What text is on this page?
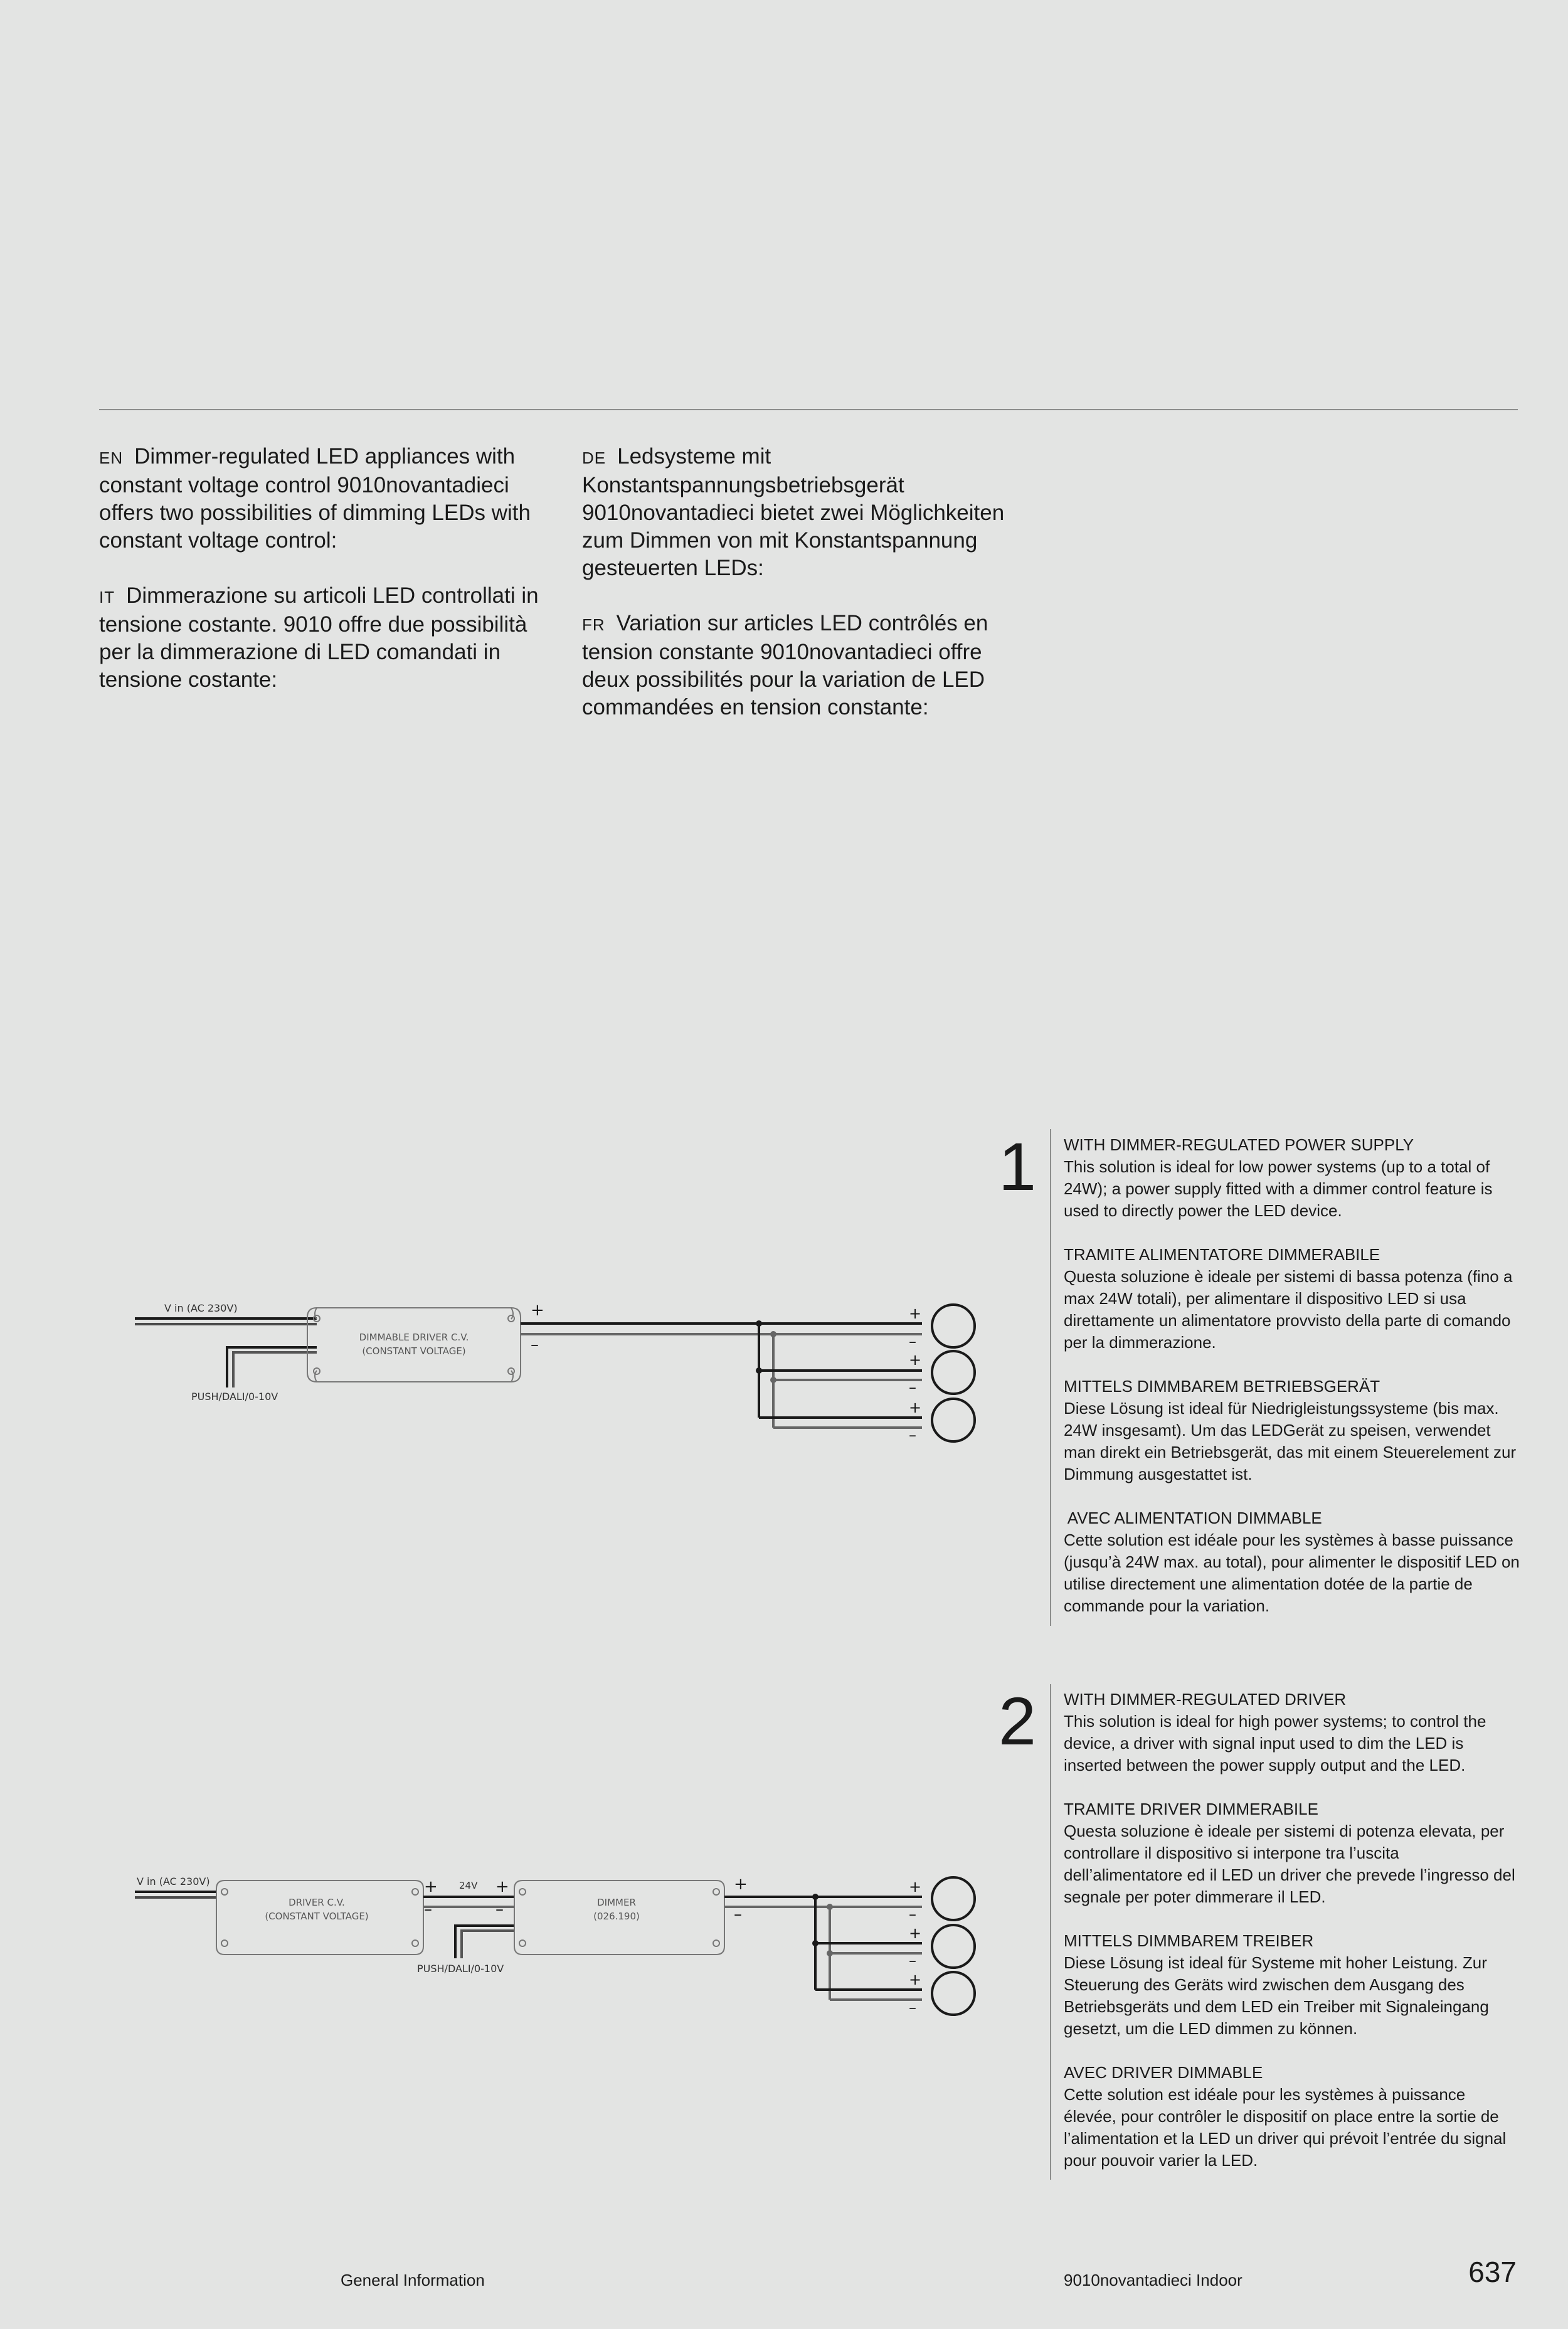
EN Dimmer-regulated LED appliances with constant voltage control 9010novantadieci offers two possibilities of dimming LEDs with constant voltage control:

IT Dimmerazione su articoli LED controllati in tensione costante. 9010 offre due possibilità per la dimmerazione di LED comandati in tensione costante:

DE Ledsysteme mit Konstantspannungsbetriebsgerät 9010novantadieci bietet zwei Möglichkeiten zum Dimmen von mit Konstantspannung gesteuerten LEDs:

FR Variation sur articles LED contrôlés en tension constante 9010novantadieci offre deux possibilités pour la variation de LED commandées en tension constante:

1 WITH DIMMER-REGULATED POWER SUPPLY
This solution is ideal for low power systems (up to a total of 24W); a power supply fitted with a dimmer control feature is used to directly power the LED device.
TRAMITE ALIMENTATORE DIMMERABILE
Questa soluzione è ideale per sistemi di bassa potenza (fino a max 24W totali), per alimentare il dispositivo LED si usa direttamente un alimentatore provvisto della parte di comando per la dimmerazione.
MITTELS DIMMBAREM BETRIEBSGERÄT
Diese Lösung ist ideal für Niedrigleistungssysteme (bis max. 24W insgesamt). Um das LEDGerät zu speisen, verwendet man direkt ein Betriebsgerät, das mit einem Steuerelement zur Dimmung ausgestattet ist.
AVEC ALIMENTATION DIMMABLE
Cette solution est idéale pour les systèmes à basse puissance (jusqu’à 24W max. au total), pour alimenter le dispositif LED on utilise directement une alimentation dotée de la partie de commande pour la variation.
V in (AC 230V)
PUSH/DALI/0-10V
DIMMABLE DRIVER C.V.
(CONSTANT VOLTAGE)
+
–
+
–
+
–
+
–
2 WITH DIMMER-REGULATED DRIVER
This solution is ideal for high power systems; to control the device, a driver with signal input used to dim the LED is inserted between the power supply output and the LED.
TRAMITE DRIVER DIMMERABILE
Questa soluzione è ideale per sistemi di potenza elevata, per controllare il dispositivo si interpone tra l’uscita dell’alimentatore ed il LED un driver che prevede l’ingresso del segnale per poter dimmerare il LED.
MITTELS DIMMBAREM TREIBER
Diese Lösung ist ideal für Systeme mit hoher Leistung. Zur Steuerung des Geräts wird zwischen dem Ausgang des Betriebsgeräts und dem LED ein Treiber mit Signaleingang gesetzt, um die LED dimmen zu können.
AVEC DRIVER DIMMABLE
Cette solution est idéale pour les systèmes à puissance élevée, pour contrôler le dispositif on place entre la sortie de l’alimentation et la LED un driver qui prévoit l’entrée du signal pour pouvoir varier la LED.
V in (AC 230V)
DRIVER C.V.
(CONSTANT VOLTAGE)
+
–
24V +
–
PUSH/DALI/0-10V
DIMMER
(026.190)
+
–
+
–
+
–
+
–
General Information	9010novantadieci Indoor	637
